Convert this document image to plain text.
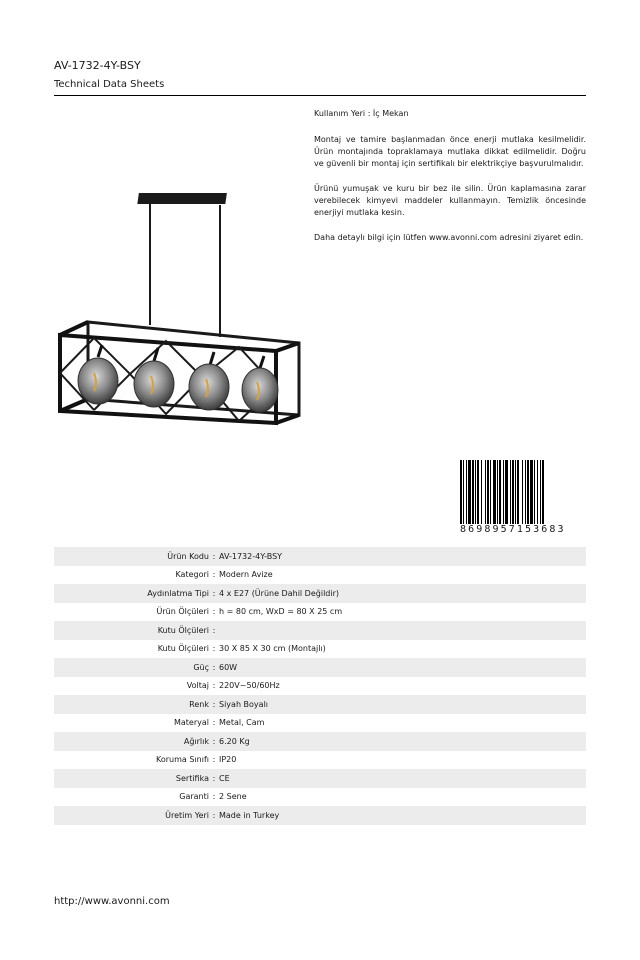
AV-1732-4Y-BSY
Technical Data Sheets

Kullanım Yeri : İç Mekan

Montaj ve tamire başlanmadan önce enerji mutlaka kesilmelidir. Ürün montajında topraklamaya mutlaka dikkat edilmelidir. Doğru ve güvenli bir montaj için sertifikalı bir elektrikçiye başvurulmalıdır.

Ürünü yumuşak ve kuru bir bez ile silin. Ürün kaplamasına zarar verebilecek kimyevi maddeler kullanmayın. Temizlik öncesinde enerjiyi mutlaka kesin.

Daha detaylı bilgi için lütfen www.avonni.com adresini ziyaret edin.

8698957153683
Ürün Kodu : AV-1732-4Y-BSY
Kategori : Modern Avize
Aydınlatma Tipi : 4 x E27 (Ürüne Dahil Değildir)
Ürün Ölçüleri : h = 80 cm, WxD = 80 X 25 cm
Kutu Ölçüleri :
Kutu Ölçüleri : 30 X 85 X 30 cm (Montajlı)
Güç : 60W
Voltaj : 220V~50/60Hz
Renk : Siyah Boyalı
Materyal : Metal, Cam
Ağırlık : 6.20 Kg
Koruma Sınıfı : IP20
Sertifika : CE
Garanti : 2 Sene
Üretim Yeri : Made in Turkey
http://www.avonni.com
